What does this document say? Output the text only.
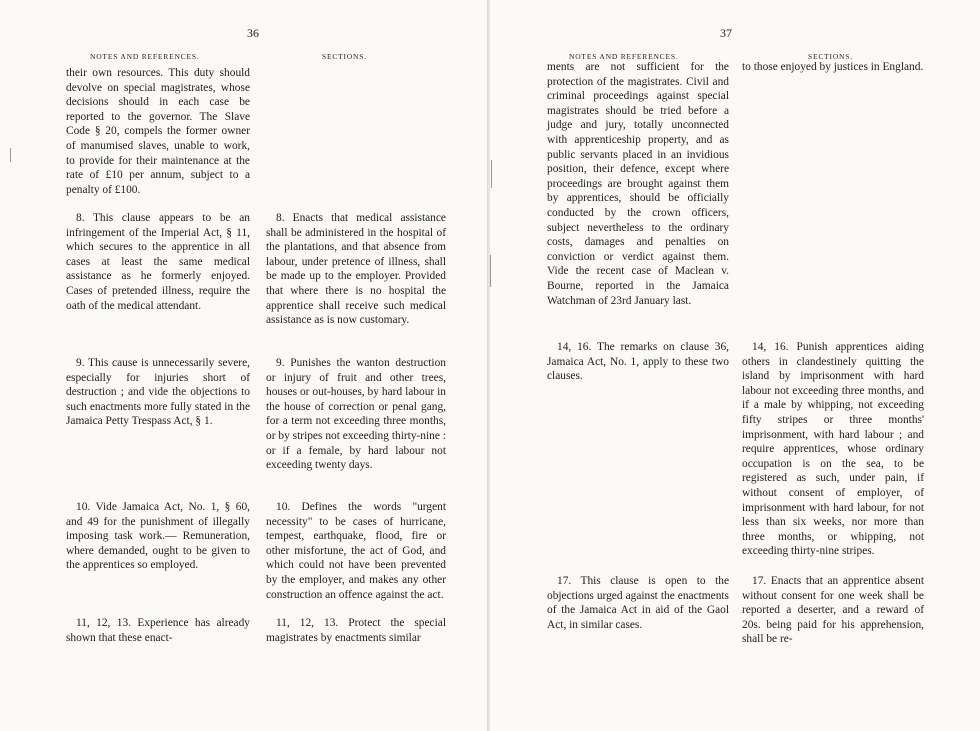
36
NOTES AND REFERENCES.	SECTIONS.

their own resources. This duty should devolve on special magistrates, whose decisions should in each case be reported to the governor. The Slave Code § 20, compels the former owner of manumised slaves, unable to work, to provide for their maintenance at the rate of £10 per annum, subject to a penalty of £100.

8. This clause appears to be an infringement of the Imperial Act, § 11, which secures to the apprentice in all cases at least the same medical assistance as he formerly enjoyed. Cases of pretended illness, require the oath of the medical attendant.

9. This cause is unnecessarily severe, especially for injuries short of destruction ; and vide the objections to such enactments more fully stated in the Jamaica Petty Trespass Act, § 1.

10. Vide Jamaica Act, No. 1, § 60, and 49 for the punishment of illegally imposing task work.— Remuneration, where demanded, ought to be given to the apprentices so employed.

11, 12, 13. Experience has already shown that these enact-

8. Enacts that medical assistance shall be administered in the hospital of the plantations, and that absence from labour, under pretence of illness, shall be made up to the employer. Provided that where there is no hospital the apprentice shall receive such medical assistance as is now customary.

9. Punishes the wanton destruction or injury of fruit and other trees, houses or out-houses, by hard labour in the house of correction or penal gang, for a term not exceeding three months, or by stripes not exceeding thirty-nine : or if a female, by hard labour not exceeding twenty days.

10. Defines the words "urgent necessity" to be cases of hurricane, tempest, earthquake, flood, fire or other misfortune, the act of God, and which could not have been prevented by the employer, and makes any other construction an offence against the act.

11, 12, 13. Protect the special magistrates by enactments similar

37
NOTES AND REFERENCES.	SECTIONS.

ments are not sufficient for the protection of the magistrates. Civil and criminal proceedings against special magistrates should be tried before a judge and jury, totally unconnected with apprenticeship property, and as public servants placed in an invidious position, their defence, except where proceedings are brought against them by apprentices, should be officially conducted by the crown officers, subject nevertheless to the ordinary costs, damages and penalties on conviction or verdict against them. Vide the recent case of Maclean v. Bourne, reported in the Jamaica Watchman of 23rd January last.

14, 16. The remarks on clause 36, Jamaica Act, No. 1, apply to these two clauses.

17. This clause is open to the objections urged against the enactments of the Jamaica Act in aid of the Gaol Act, in similar cases.

to those enjoyed by justices in England.

14, 16. Punish apprentices aiding others in clandestinely quitting the island by imprisonment with hard labour not exceeding three months, and if a male by whipping, not exceeding fifty stripes or three months' imprisonment, with hard labour ; and require apprentices, whose ordinary occupation is on the sea, to be registered as such, under pain, if without consent of employer, of imprisonment with hard labour, for not less than six weeks, nor more than three months, or whipping, not exceeding thirty-nine stripes.

17. Enacts that an apprentice absent without consent for one week shall be reported a deserter, and a reward of 20s. being paid for his apprehension, shall be re-
